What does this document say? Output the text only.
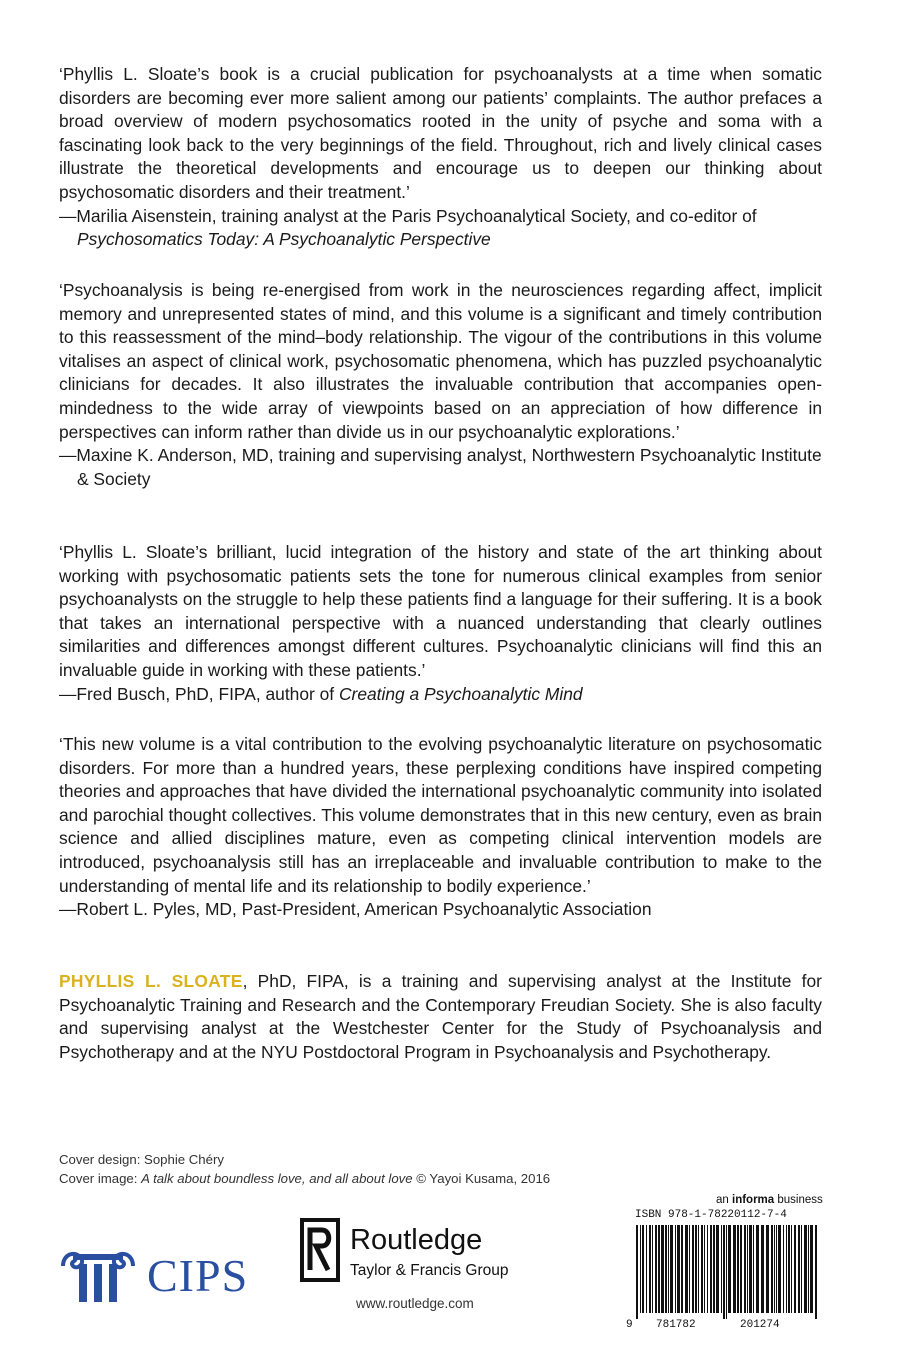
‘Phyllis L. Sloate’s book is a crucial publication for psychoanalysts at a time when somatic disorders are becoming ever more salient among our patients’ complaints. The author prefaces a broad overview of modern psychosomatics rooted in the unity of psyche and soma with a fascinating look back to the very beginnings of the field. Throughout, rich and lively clinical cases illustrate the theoretical developments and encourage us to deepen our thinking about psychosomatic disorders and their treatment.’

—Marilia Aisenstein, training analyst at the Paris Psychoanalytical Society, and co-editor of Psychosomatics Today: A Psychoanalytic Perspective

‘Psychoanalysis is being re-energised from work in the neurosciences regarding affect, implicit memory and unrepresented states of mind, and this volume is a significant and timely contribution to this reassessment of the mind–body relationship. The vigour of the contributions in this volume vitalises an aspect of clinical work, psychosomatic phenomena, which has puzzled psychoanalytic clinicians for decades. It also illustrates the invaluable contribution that accompanies open-mindedness to the wide array of viewpoints based on an appreciation of how difference in perspectives can inform rather than divide us in our psychoanalytic explorations.’

—Maxine K. Anderson, MD, training and supervising analyst, Northwestern Psychoanalytic Institute & Society

‘Phyllis L. Sloate’s brilliant, lucid integration of the history and state of the art thinking about working with psychosomatic patients sets the tone for numerous clinical examples from senior psychoanalysts on the struggle to help these patients find a language for their suffering. It is a book that takes an international perspective with a nuanced understanding that clearly outlines similarities and differences amongst different cultures. Psychoanalytic clinicians will find this an invaluable guide in working with these patients.’

—Fred Busch, PhD, FIPA, author of Creating a Psychoanalytic Mind

‘This new volume is a vital contribution to the evolving psychoanalytic literature on psychosomatic disorders. For more than a hundred years, these perplexing conditions have inspired competing theories and approaches that have divided the international psychoanalytic community into isolated and parochial thought collectives. This volume demonstrates that in this new century, even as brain science and allied disciplines mature, even as competing clinical intervention models are introduced, psychoanalysis still has an irreplaceable and invaluable contribution to make to the understanding of mental life and its relationship to bodily experience.’

—Robert L. Pyles, MD, Past-President, American Psychoanalytic Association

PHYLLIS L. SLOATE, PhD, FIPA, is a training and supervising analyst at the Institute for Psychoanalytic Training and Research and the Contemporary Freudian Society. She is also faculty and supervising analyst at the Westchester Center for the Study of Psychoanalysis and Psychotherapy and at the NYU Postdoctoral Program in Psychoanalysis and Psychotherapy.

Cover design: Sophie Chéry
Cover image: A talk about boundless love, and all about love © Yayoi Kusama, 2016
CIPS
Routledge
Taylor & Francis Group
www.routledge.com
an informa business
9 781782	201274
ISBN 978-1-78220112-7-4
